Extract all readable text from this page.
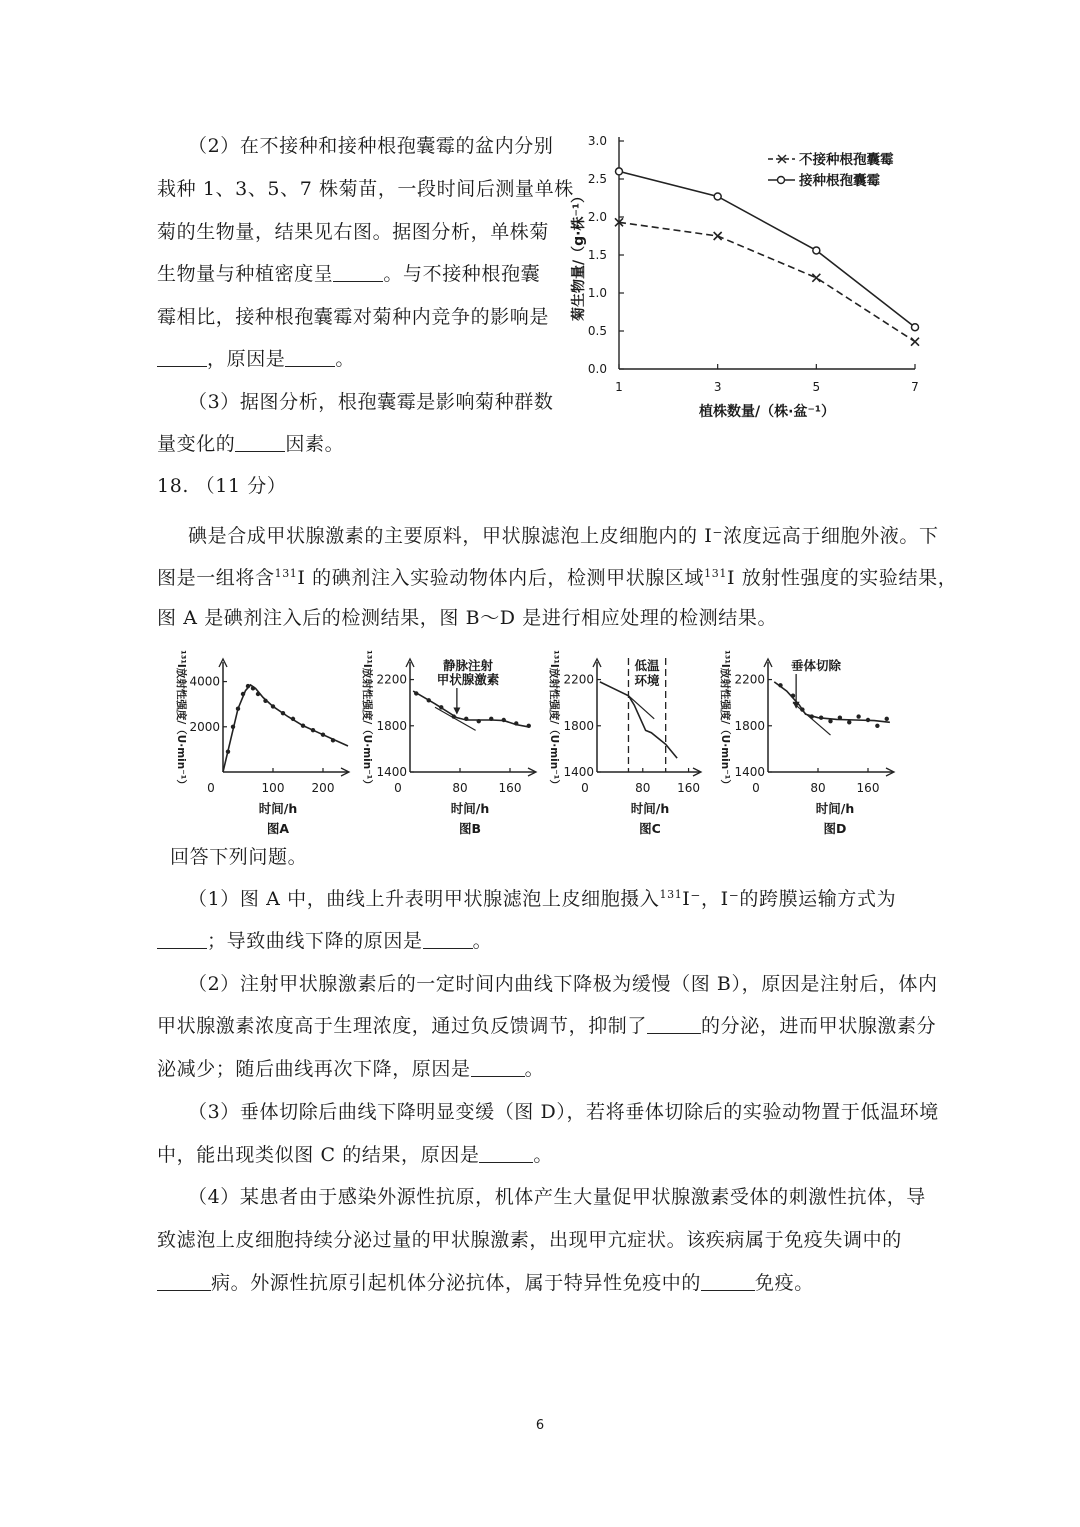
（2）在不接种和接种根孢囊霉的盆内分别
栽种 1、3、5、7 株菊苗，一段时间后测量单株
菊的生物量，结果见右图。据图分析，单株菊
生物量与种植密度呈	。与不接种根孢囊
霉相比，接种根孢囊霉对菊种内竞争的影响是
，原因是	。
（3）据图分析，根孢囊霉是影响菊种群数
量变化的	因素。
0.0
0.5
1.0
1.5
2.0
2.5
3.0
1	3	5	7
植株数量/（株·盆⁻¹）
菊生物量/（g·株⁻¹）
不接种根孢囊霉
接种根孢囊霉
18. （11 分）
碘是合成甲状腺激素的主要原料，甲状腺滤泡上皮细胞内的 I⁻浓度远高于细胞外液。下
图是一组将含$^{131}$I 的碘剂注入实验动物体内后，检测甲状腺区域$^{131}$I 放射性强度的实验结果，
图 A 是碘剂注入后的检测结果，图 B～D 是进行相应处理的检测结果。
2000
4000
0	100 200
时间/h
图A
¹³¹I放射性强度/（U·min⁻¹）	1400
1800
2200
0	80	160
时间/h
图B
¹³¹I放射性强度/（U·min⁻¹）	静脉注射
甲状腺激素
1400
1800
2200
0	80 160
时间/h
图C
¹³¹I放射性强度/（U·min⁻¹）	低温
环境
1400
1800
2200
0	80	160
时间/h
图D
¹³¹I放射性强度/（U·min⁻¹）	垂体切除
回答下列问题。
（1）图 A 中，曲线上升表明甲状腺滤泡上皮细胞摄入$^{131}$I⁻，I⁻的跨膜运输方式为
；导致曲线下降的原因是	。
（2）注射甲状腺激素后的一定时间内曲线下降极为缓慢（图 B），原因是注射后，体内
甲状腺激素浓度高于生理浓度，通过负反馈调节，抑制了	的分泌，进而甲状腺激素分
泌减少；随后曲线再次下降，原因是	。
（3）垂体切除后曲线下降明显变缓（图 D），若将垂体切除后的实验动物置于低温环境
中，能出现类似图 C 的结果，原因是	。
（4）某患者由于感染外源性抗原，机体产生大量促甲状腺激素受体的刺激性抗体，导
致滤泡上皮细胞持续分泌过量的甲状腺激素，出现甲亢症状。该疾病属于免疫失调中的
病。外源性抗原引起机体分泌抗体，属于特异性免疫中的	免疫。
6
